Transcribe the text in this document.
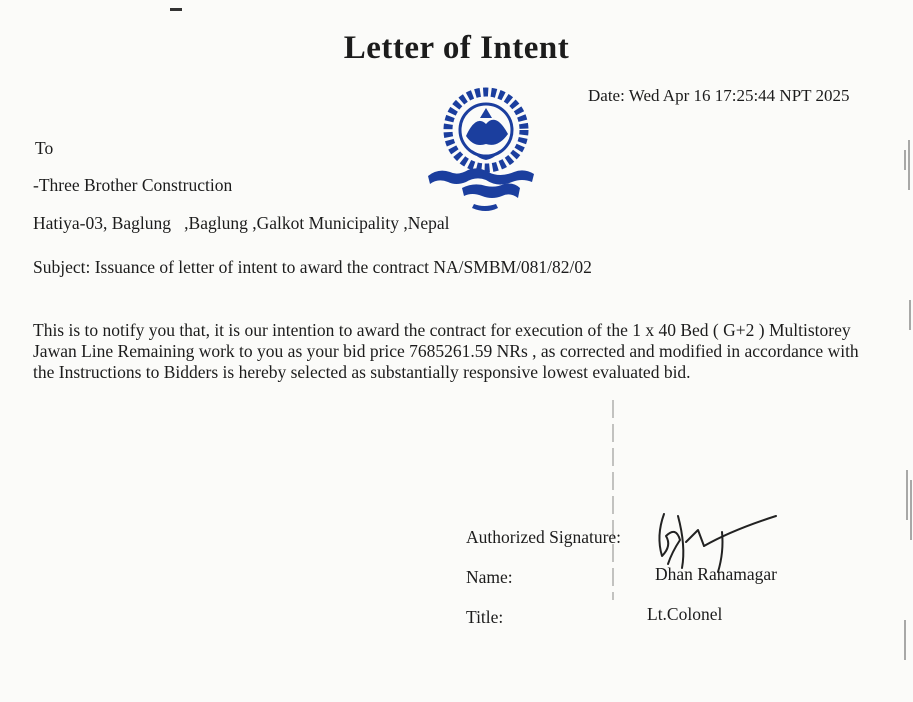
Letter of Intent
Date: Wed Apr 16 17:25:44 NPT 2025
To
-Three Brother Construction
Hatiya-03, Baglung   ,Baglung ,Galkot Municipality ,Nepal
Subject: Issuance of letter of intent to award the contract NA/SMBM/081/82/02
This is to notify you that, it is our intention to award the contract for execution of the 1 x 40 Bed ( G+2 ) Multistorey Jawan Line Remaining work to you as your bid price 7685261.59 NRs , as corrected and modified in accordance with the Instructions to Bidders is hereby selected as substantially responsive lowest evaluated bid.
Authorized Signature:
Name:	Dhan Ranamagar
Title:	Lt.Colonel
